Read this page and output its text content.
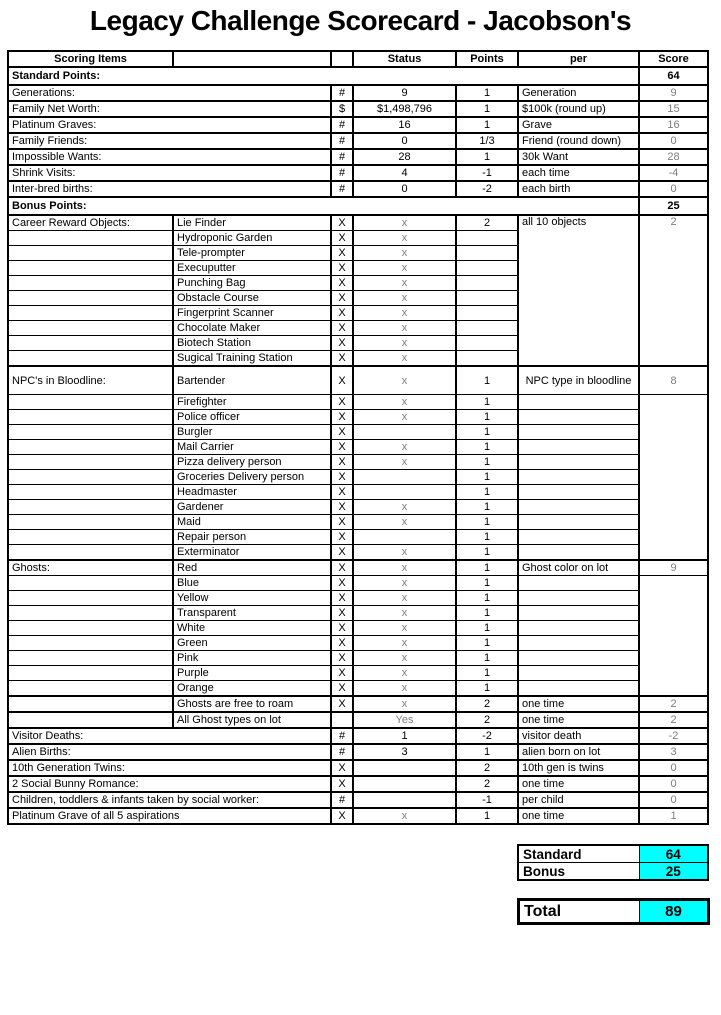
Legacy Challenge Scorecard - Jacobson's
Scoring Items			Status	Points	per	Score
Standard Points:						64
Generations:		#	9	1	Generation	9
Family Net Worth:		$	$1,498,796	1	$100k (round up)	15
Platinum Graves:		#	16	1	Grave	16
Family Friends:		#	0	1/3	Friend (round down)	0
Impossible Wants:		#	28	1	30k Want	28
Shrink Visits:		#	4	-1	each time	-4
Inter-bred births:		#	0	-2	each birth	0
Bonus Points:						25
Career Reward Objects:	Lie Finder	X	x	2	all 10 objects	2
	Hydroponic Garden	X	x			
	Tele-prompter	X	x			
	Execuputter	X	x			
	Punching Bag	X	x			
	Obstacle Course	X	x			
	Fingerprint Scanner	X	x			
	Chocolate Maker	X	x			
	Biotech Station	X	x			
	Sugical Training Station	X	x			
NPC's in Bloodline:	Bartender	X	x	1	NPC type in bloodline	8
	Firefighter	X	x	1		
	Police officer	X	x	1		
	Burgler	X		1		
	Mail Carrier	X	x	1		
	Pizza delivery person	X	x	1		
	Groceries Delivery person	X		1		
	Headmaster	X		1		
	Gardener	X	x	1		
	Maid	X	x	1		
	Repair person	X		1		
	Exterminator	X	x	1		
Ghosts:	Red	X	x	1	Ghost color on lot	9
	Blue	X	x	1		
	Yellow	X	x	1		
	Transparent	X	x	1		
	White	X	x	1		
	Green	X	x	1		
	Pink	X	x	1		
	Purple	X	x	1		
	Orange	X	x	1		
	Ghosts are free to roam	X	x	2	one time	2
	All Ghost types on lot		Yes	2	one time	2
Visitor Deaths:		#	1	-2	visitor death	-2
Alien Births:		#	3	1	alien born on lot	3
10th Generation Twins:		X		2	10th gen is twins	0
2 Social Bunny Romance:		X		2	one time	0
Children, toddlers & infants taken by social worker:		#		-1	per child	0
Platinum Grave of all 5 aspirations		X	x	1	one time	1
Standard	64
Bonus	25
Total	89
